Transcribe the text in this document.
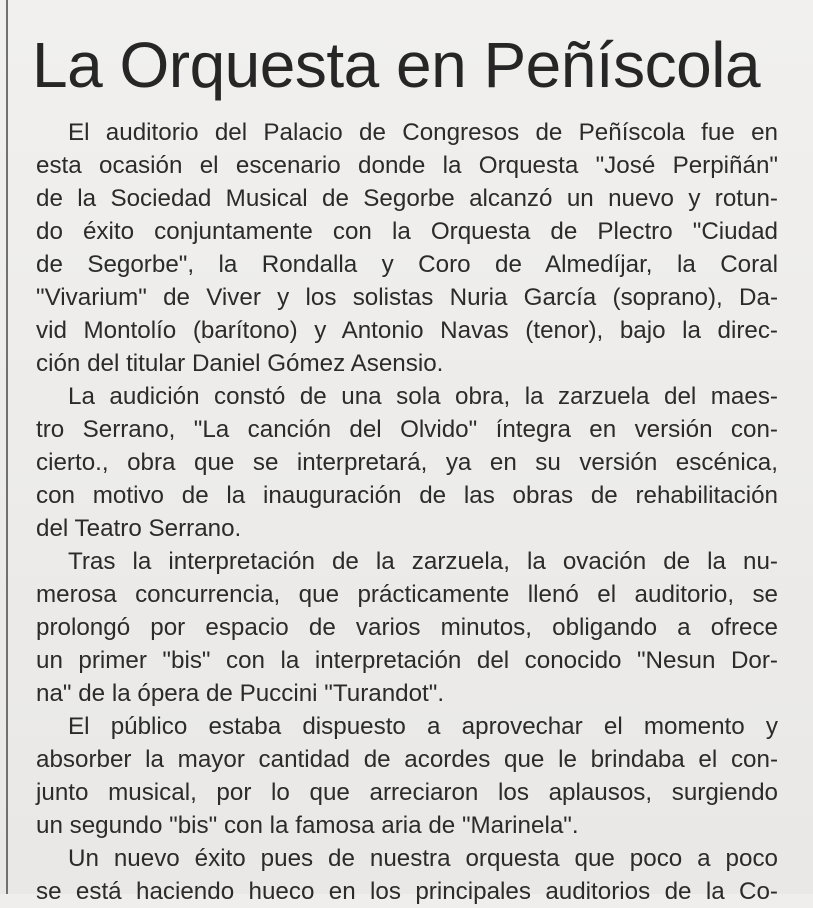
La Orquesta en Peñíscola

El auditorio del Palacio de Congresos de Peñíscola fue en

esta ocasión el escenario donde la Orquesta "José Perpiñán"

de la Sociedad Musical de Segorbe alcanzó un nuevo y rotun-

do éxito conjuntamente con la Orquesta de Plectro "Ciudad

de Segorbe", la Rondalla y Coro de Almedíjar, la Coral

"Vivarium" de Viver y los solistas Nuria García (soprano), Da-

vid Montolío (barítono) y Antonio Navas (tenor), bajo la direc-

ción del titular Daniel Gómez Asensio.

La audición constó de una sola obra, la zarzuela del maes-

tro Serrano, "La canción del Olvido" íntegra en versión con-

cierto., obra que se interpretará, ya en su versión escénica,

con motivo de la inauguración de las obras de rehabilitación

del Teatro Serrano.

Tras la interpretación de la zarzuela, la ovación de la nu-

merosa concurrencia, que prácticamente llenó el auditorio, se

prolongó por espacio de varios minutos, obligando a ofrece

un primer "bis" con la interpretación del conocido "Nesun Dor-

na" de la ópera de Puccini "Turandot".

El público estaba dispuesto a aprovechar el momento y

absorber la mayor cantidad de acordes que le brindaba el con-

junto musical, por lo que arreciaron los aplausos, surgiendo

un segundo "bis" con la famosa aria de "Marinela".

Un nuevo éxito pues de nuestra orquesta que poco a poco

se está haciendo hueco en los principales auditorios de la Co-
